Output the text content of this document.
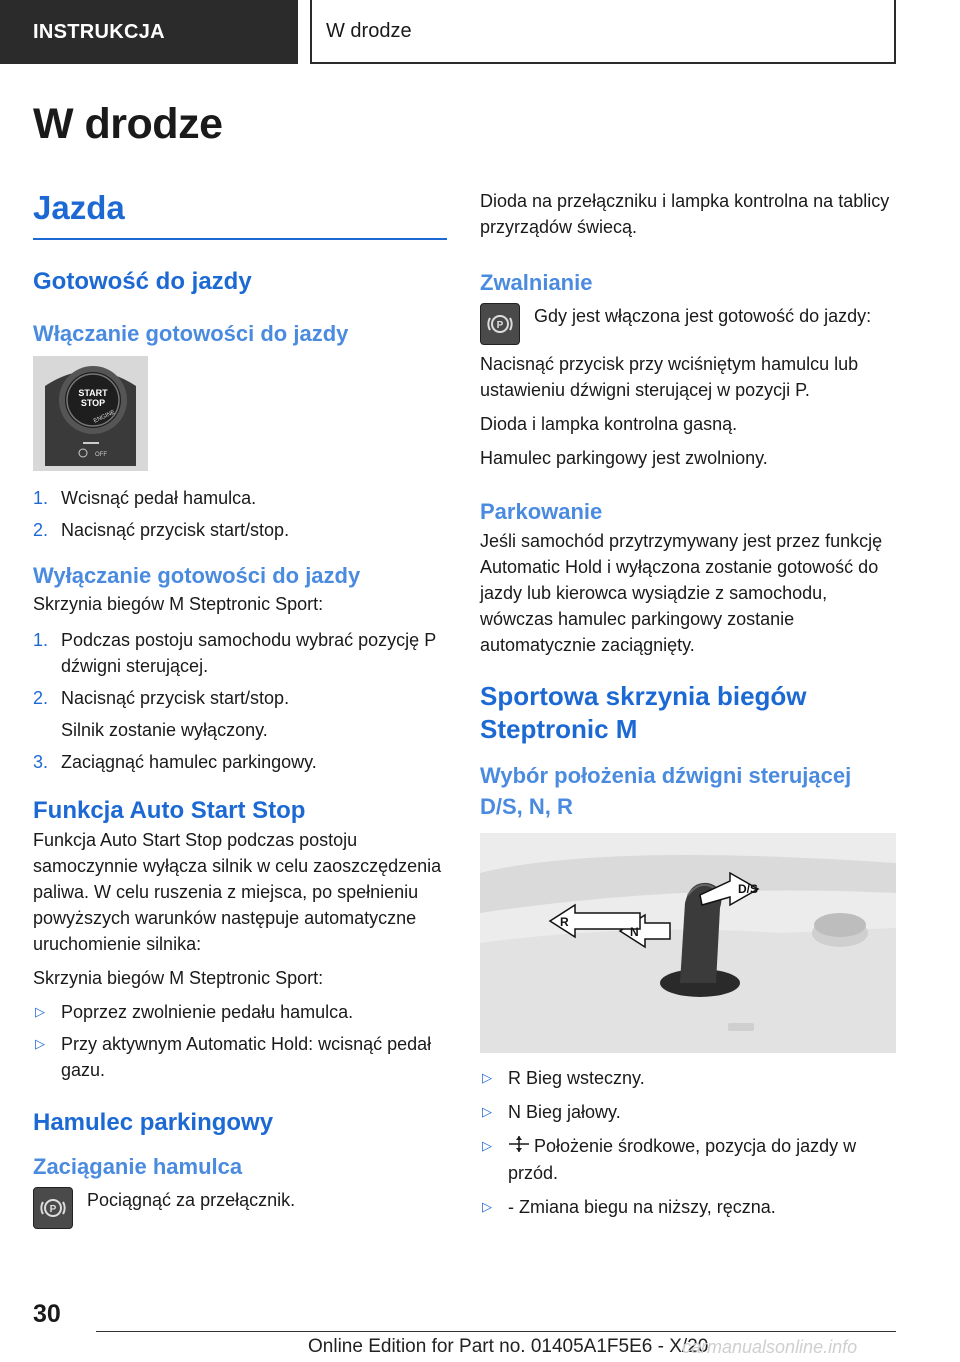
INSTRUKCJA	W drodze
W drodze
Jazda
Gotowość do jazdy
Włączanie gotowości do jazdy
START
STOP
ENGINE
OFF
1. Wcisnąć pedał hamulca.
2. Nacisnąć przycisk start/stop.
Wyłączanie gotowości do jazdy

Skrzynia biegów M Steptronic Sport:

1. Podczas postoju samochodu wybrać pozycję P dźwigni sterującej.
2. Nacisnąć przycisk start/stop.
Silnik zostanie wyłączony.
3. Zaciągnąć hamulec parkingowy.
Funkcja Auto Start Stop

Funkcja Auto Start Stop podczas postoju samoczynnie wyłącza silnik w celu zaoszczędzenia paliwa. W celu ruszenia z miejsca, po spełnieniu powyższych warunków następuje automatyczne uruchomienie silnika:

Skrzynia biegów M Steptronic Sport:

▷ Poprzez zwolnienie pedału hamulca.
▷ Przy aktywnym Automatic Hold: wcisnąć pedał gazu.
Hamulec parkingowy
Zaciąganie hamulca
P Pociągnąć za przełącznik.

Dioda na przełączniku i lampka kontrolna na tablicy przyrządów świecą.

Zwalnianie
P Gdy jest włączona jest gotowość do jazdy:

Nacisnąć przycisk przy wciśniętym hamulcu lub ustawieniu dźwigni sterującej w pozycji P.

Dioda i lampka kontrolna gasną.

Hamulec parkingowy jest zwolniony.

Parkowanie

Jeśli samochód przytrzymywany jest przez funkcję Automatic Hold i wyłączona zostanie gotowość do jazdy lub kierowca wysiądzie z samochodu, wówczas hamulec parkingowy zostanie automatycznie zaciągnięty.

Sportowa skrzynia biegów Steptronic M
Wybór położenia dźwigni sterującej D/S, N, R
D/S
N
R
▷ R Bieg wsteczny.
▷ N Bieg jałowy.
▷ Położenie środkowe, pozycja do jazdy w przód.
▷ - Zmiana biegu na niższy, ręczna.
30
Online Edition for Part no. 01405A1F5E6 - X/20
carmanualsonline.info
